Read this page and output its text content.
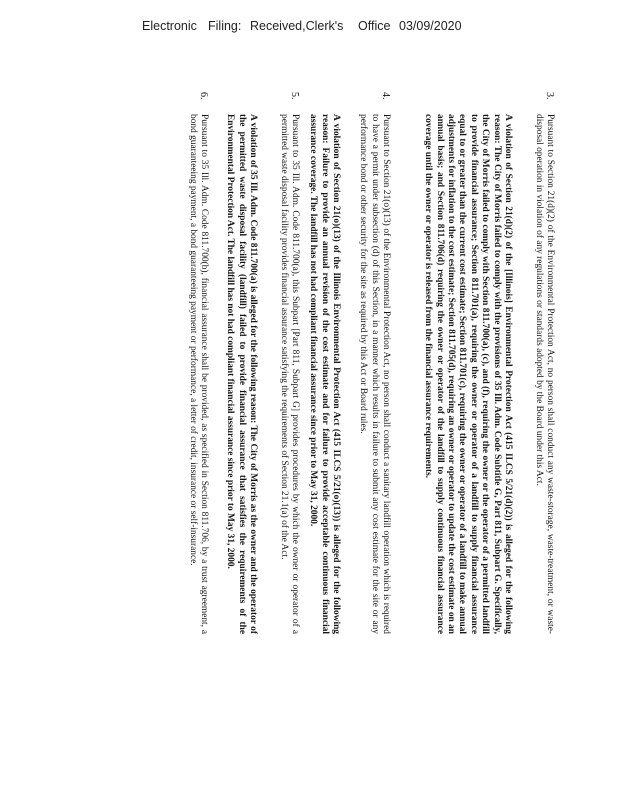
Electronic Filing: Received,Clerk's Office 03/09/2020
3.

Pursuant to Section 21(d)(2) of the Environmental Protection Act, no person shall conduct any waste-storage, waste-treatment, or waste-disposal operation in violation of any regulations or standards adopted by the Board under this Act.

A violation of Section 21(d)(2) of the [Illinois] Environmental Protection Act (415 ILCS 5/21(d)(2)) is alleged for the following reason: The City of Morris failed to comply with the provisions of 35 Ill. Adm. Code Subtitle G, Part 811, Subpart G. Specifically, the City of Morris failed to comply with Section 811.700(a), (c), and (f), requiring the owner or the operator of a permitted landfill to provide financial assurance; Section 811.701(a), requiring the owner or operator of a landfill to supply financial assurance equal to or greater than the current cost estimate; Section 811.701(c), requiring the owner or operator of a landfill to make annual adjustments for inflation to the cost estimate; Section 811.705(d), requiring an owner or operator to update the cost estimate on an annual basis; and Section 811.706(d) requiring the owner or operator of the landfill to supply continuous financial assurance coverage until the owner or operator is released from the financial assurance requirements.

4.

Pursuant to Section 21(o)(13) of the Environmental Protection Act, no person shall conduct a sanitary landfill operation which is required to have a permit under subsection (d) of this Section, in a manner which results in failure to submit any cost estimate for the site or any performance bond or other security for the site as required by this Act or Board rules.

A violation of Section 21(o)(13) of the Illinois Environmental Protection Act (415 ILCS 5/21(o)(13)) is alleged for the following reason: Failure to provide an annual revision of the cost estimate and for failure to provide acceptable continuous financial assurance coverage. The landfill has not had compliant financial assurance since prior to May 31, 2000.

5.

Pursuant to 35 Ill. Adm. Code 811.700(a), this Subpart [Part 811, Subpart G] provides procedures by which the owner or operator of a permitted waste disposal facility provides financial assurance satisfying the requirements of Section 21.1(a) of the Act.

A violation of 35 Ill. Adm. Code 811.700(a) is alleged for the following reason: The City of Morris as the owner and the operator of the permitted waste disposal facility (landfill) failed to provide financial assurance that satisfies the requirements of the Environmental Protection Act. The landfill has not had compliant financial assurance since prior to May 31, 2000.

6.

Pursuant to 35 Ill. Adm. Code 811.700(b), financial assurance shall be provided, as specified in Section 811.706, by a trust agreement, a bond guaranteeing payment, a bond guaranteeing payment or performance, a letter of credit, insurance or self-insurance.
